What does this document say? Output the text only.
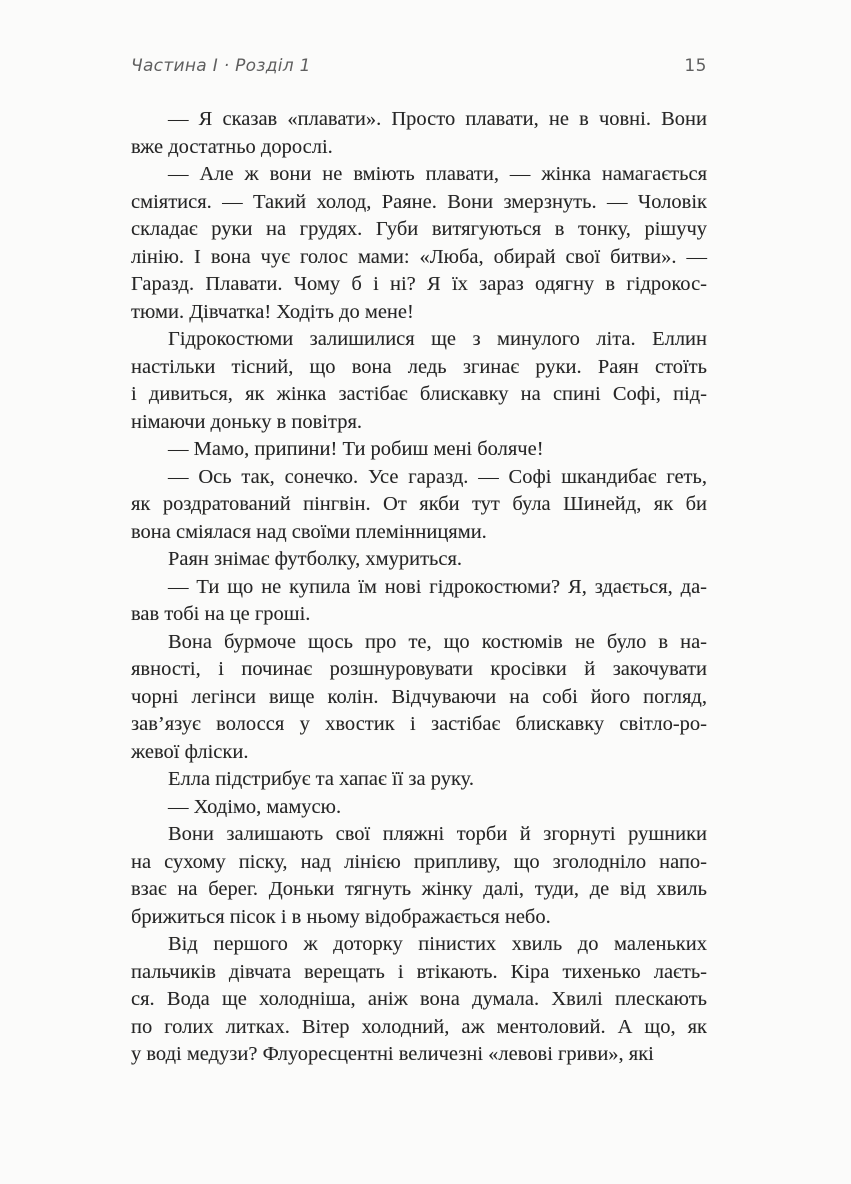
Частина I · Розділ 1	15

— Я сказав «плавати». Просто плавати, не в човні. Вони
вже достатньо дорослі.

— Але ж вони не вміють плавати, — жінка намагається
сміятися. — Такий холод, Раяне. Вони змерзнуть. — Чоловік
складає руки на грудях. Губи витягуються в тонку, рішучу
лінію. І вона чує голос мами: «Люба, обирай свої битви». —
Гаразд. Плавати. Чому б і ні? Я їх зараз одягну в гідрокос-
тюми. Дівчатка! Ходіть до мене!

Гідрокостюми залишилися ще з минулого літа. Еллин
настільки тісний, що вона ледь згинає руки. Раян стоїть
і дивиться, як жінка застібає блискавку на спині Софі, під-
німаючи доньку в повітря.

— Мамо, припини! Ти робиш мені боляче!

— Ось так, сонечко. Усе гаразд. — Софі шкандибає геть,
як роздратований пінгвін. От якби тут була Шинейд, як би
вона сміялася над своїми племінницями.

Раян знімає футболку, хмуриться.

— Ти що не купила їм нові гідрокостюми? Я, здається, да-
вав тобі на це гроші.

Вона бурмоче щось про те, що костюмів не було в на-
явності, і починає розшнуровувати кросівки й закочувати
чорні легінси вище колін. Відчуваючи на собі його погляд,
зав’язує волосся у хвостик і застібає блискавку світло-ро-
жевої фліски.

Елла підстрибує та хапає її за руку.

— Ходімо, мамусю.

Вони залишають свої пляжні торби й згорнуті рушники
на сухому піску, над лінією припливу, що зголодніло напо-
взає на берег. Доньки тягнуть жінку далі, туди, де від хвиль
брижиться пісок і в ньому відображається небо.

Від першого ж доторку пінистих хвиль до маленьких
пальчиків дівчата верещать і втікають. Кіра тихенько лаєть-
ся. Вода ще холодніша, аніж вона думала. Хвилі плескають
по голих литках. Вітер холодний, аж ментоловий. А що, як
у воді медузи? Флуоресцентні величезні «левові гриви», які
